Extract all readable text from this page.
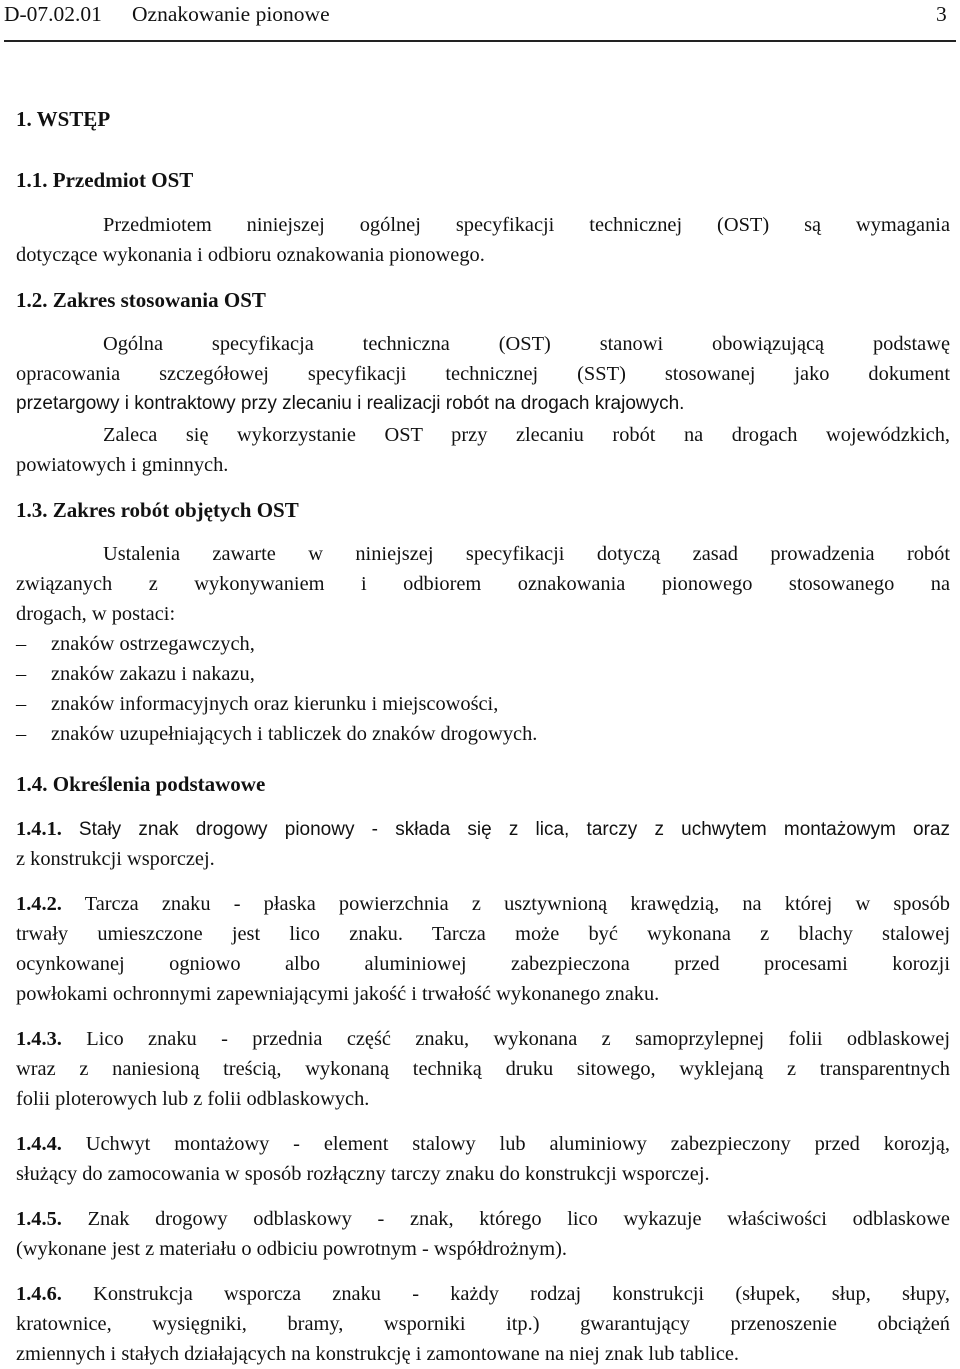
D-07.02.01 Oznakowanie pionowe	3
1. WSTĘP
1.1. Przedmiot OST
Przedmiotem niniejszej ogólnej specyfikacji technicznej (OST) są wymagania
dotyczące wykonania i odbioru oznakowania pionowego.
1.2. Zakres stosowania OST
Ogólna specyfikacja techniczna (OST) stanowi obowiązującą podstawę
opracowania szczegółowej specyfikacji technicznej (SST) stosowanej jako dokument
przetargowy i kontraktowy przy zlecaniu i realizacji robót na drogach krajowych.
Zaleca się wykorzystanie OST przy zlecaniu robót na drogach wojewódzkich,
powiatowych i gminnych.
1.3. Zakres robót objętych OST
Ustalenia zawarte w niniejszej specyfikacji dotyczą zasad prowadzenia robót
związanych z wykonywaniem i odbiorem oznakowania pionowego stosowanego na
drogach, w postaci:
– znaków ostrzegawczych,
– znaków zakazu i nakazu,
– znaków informacyjnych oraz kierunku i miejscowości,
– znaków uzupełniających i tabliczek do znaków drogowych.
1.4. Określenia podstawowe
1.4.1. Stały znak drogowy pionowy - składa się z lica, tarczy z uchwytem montażowym oraz
z konstrukcji wsporczej.
1.4.2. Tarcza znaku - płaska powierzchnia z usztywnioną krawędzią, na której w sposób
trwały umieszczone jest lico znaku. Tarcza może być wykonana z blachy stalowej
ocynkowanej ogniowo albo aluminiowej zabezpieczona przed procesami korozji
powłokami ochronnymi zapewniającymi jakość i trwałość wykonanego znaku.
1.4.3. Lico znaku - przednia część znaku, wykonana z samoprzylepnej folii odblaskowej
wraz z naniesioną treścią, wykonaną techniką druku sitowego, wyklejaną z transparentnych
folii ploterowych lub z folii odblaskowych.
1.4.4. Uchwyt montażowy - element stalowy lub aluminiowy zabezpieczony przed korozją,
służący do zamocowania w sposób rozłączny tarczy znaku do konstrukcji wsporczej.
1.4.5. Znak drogowy odblaskowy - znak, którego lico wykazuje właściwości odblaskowe
(wykonane jest z materiału o odbiciu powrotnym - współdrożnym).
1.4.6. Konstrukcja wsporcza znaku - każdy rodzaj konstrukcji (słupek, słup, słupy,
kratownice, wysięgniki, bramy, wsporniki itp.) gwarantujący przenoszenie obciążeń
zmiennych i stałych działających na konstrukcję i zamontowane na niej znak lub tablice.
